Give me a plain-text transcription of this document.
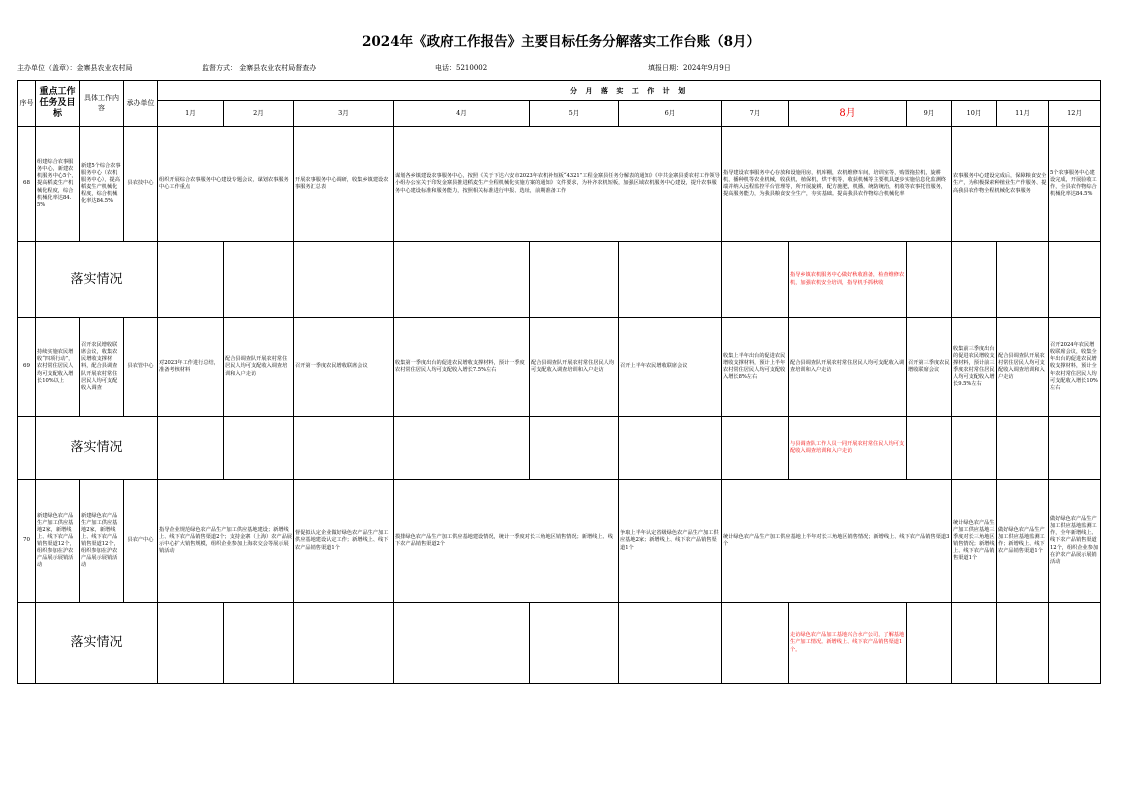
2024年《政府工作报告》主要目标任务分解落实工作台账（8月）
主办单位（盖章）：金寨县农业农村局	监督方式： 金寨县农业农村局督查办	电话：5210002	填报日期：2024年9月9日
序号	重点工作任务及目标	具体工作内容	承办单位	分 月 落 实 工 作 计 划											
				1月	2月	3月	4月	5月	6月	7月	8月	9月	10月	11月	12月
68	组建综合农事服务中心，新建农机服务中心5个，提高稻麦生产机械化程度，综合机械化率达84.5%	新建5个综合农事服务中心（农机服务中心），提高稻麦生产机械化程度，综合机械化率达84.5%	县农技中心	组织开展综合农事服务中心建设专题会议，谋划农事服务中心工作重点		开展农事服务中心调研，收集乡镇建设农事服务汇总表	谋划各乡镇建设农事服务中心，按照《关于下达六安市2023年农机补短板“4321”工程金寨县任务分解表的通知》《中共金寨县委农村工作领导小组办公室关于印发金寨县推进稻麦生产全程机械化实施方案的通知》文件要求，为补齐农机短板，加强区域农机服务中心建设，提升农事服务中心建设标准和服务能力，按照相关标准进行申报、选址，前期准备工作			指导建设农事服务中心存放和设施用房，机库棚，农机维修车间，培训室等，购置拖拉机，旋耕机，播种机等农业机械，收获机，植保机，烘干机等，收获机械等主要机具逐步实施信息化监测终端并纳入远程监控平台管理等，所开展旋耕，配方施肥，机播，统防统治，机收等农事托管服务，提高服务能力，为我县粮食安全生产，夯实基础。提高我县农作物综合机械化率			农事服务中心建设完成后，保障粮食安全生产，为积极探索种植业生产作服务、提高我县农作物全程机械化农事服务		5个农事服务中心建设完成，开展验收工作，全县农作物综合机械化率达84.5%
	落实情况										指导乡镇农机服务中心做好秋收准备，检查维修农机，加强农机安全培训，指导机手抓秋收				
69	持续实施农民增收“四项行动”，农村常住居民人均可支配收入增长10%以上	召开农民增收联席会议，收集农民增收支撑材料，配合县调查队开展农村常住居民人均可支配收入调查	县农管中心	对2023年工作进行总结，准备考核材料	配合县调查队开展农村常住居民人均可支配收入调查培训和入户走访	召开第一季度农民增收联席会议	收集第一季度出台的促进农民增收支撑材料，预计一季度农村常住居民人均可支配收入增长7.5%左右	配合县调查队开展农村常住居民人均可支配收入调查培训和入户走访	召开上半年农民增收联席会议	收集上半年出台的促进农民增收支撑材料，预计上半年农村常住居民人均可支配收入增长8%左右	配合县调查队开展农村常住居民人均可支配收入调查培训和入户走访	召开第三季度农民增收联席会议	收集前三季度出台的促进农民增收支撑材料，预计前三季度农村常住居民人均可支配收入增长9.5%左右	配合县调查队开展农村常住居民人均可支配收入调查培训和入户走访	召开2024年农民增收联席会议，收集全年出台的促进农民增收支撑材料，预计全年农村常住居民人均可支配收入增长10%左右
	落实情况										与县调查队工作人员一同开展农村常住民人均可支配收入调查培训和入户走访				
70	新建绿色农产品生产加工供应基地2家，新增线上、线下农产品销售渠道12个，组织参加在沪农产品展示展销活动	新建绿色农产品生产加工供应基地2家，新增线上、线下农产品销售渠道12个，组织参加在沪农产品展示展销活动	县农产中心	指导企业规范绿色农产品生产加工供应基地建设；新增线上、线下农产品销售渠道2个；支持金寨（上海）农产品展示中心扩大销售规模，组织企业参加上海农交会等展示展销活动		督促拟认定企业做好绿色农产品生产加工供应基地建设认定工作；新增线上、线下农产品销售渠道1个	摸排绿色农产品生产加工供应基地建设情况，统计一季度对长三角地区销售情况；新增线上、线下农产品销售渠道2个		争取上半年认定省级绿色农产品生产加工供应基地2家；新增线上、线下农产品销售渠道1个	统计绿色农产品生产加工供应基地上半年对长三角地区销售情况；新增线上、线下农产品销售渠道3个			统计绿色农产品生产加工供应基地三季度对长三角地区销售情况；新增线上、线下农产品销售渠道1个	做好绿色农产品生产加工供应基地监测工作；新增线上、线下农产品销售渠道1个	做好绿色农产品生产加工供应基地监测工作，全年新增线上、线下农产品销售渠道12个，组织企业参加在沪农产品展示展销活动
	落实情况										走访绿色农产品加工基地兴合水产公司，了解基地生产加工情况。新增线上、线下农产品销售渠道1个。				
